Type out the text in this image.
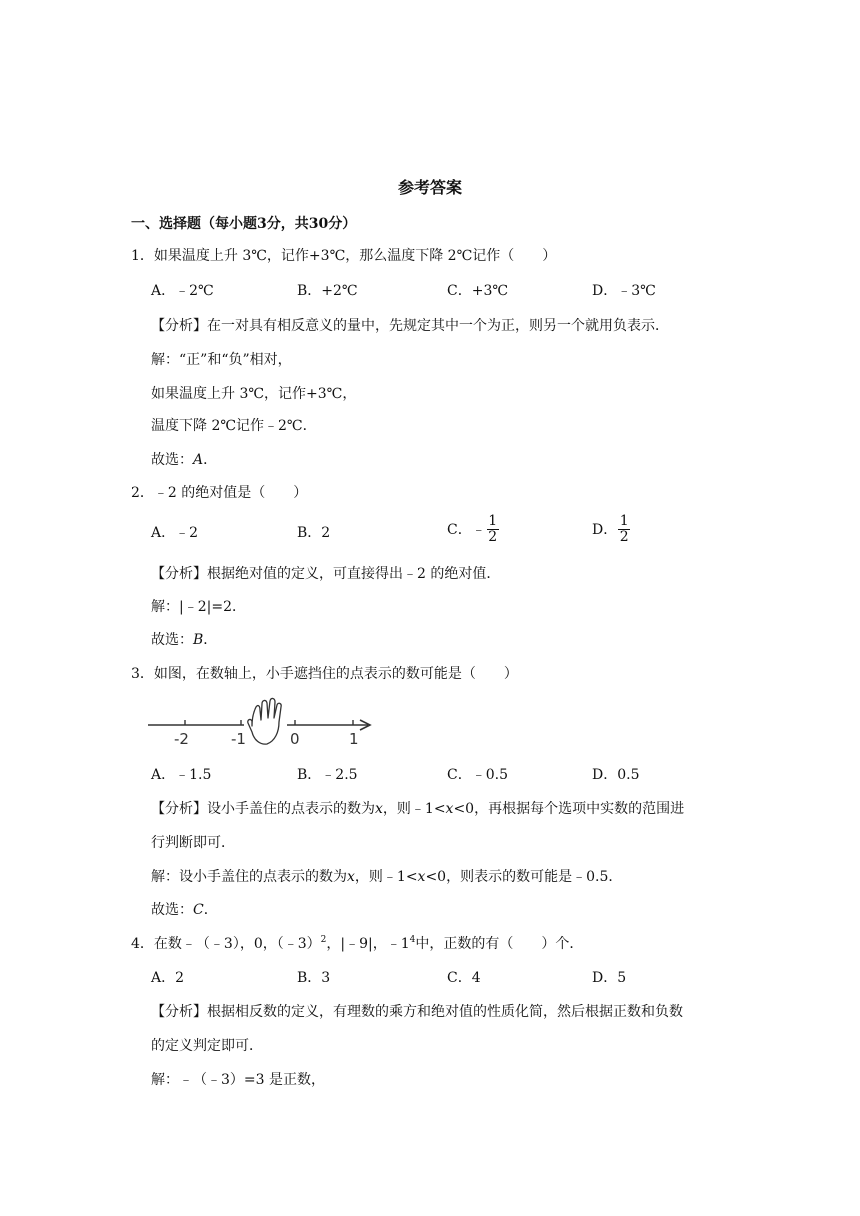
参考答案
一、选择题（每小题3分，共30分）
1．如果温度上升 3℃，记作+3℃，那么温度下降 2℃记作（　　）
A．﹣2℃	B．+2℃	C．+3℃	D．﹣3℃
【分析】在一对具有相反意义的量中，先规定其中一个为正，则另一个就用负表示．
解：“正”和“负”相对，
如果温度上升 3℃，记作+3℃，
温度下降 2℃记作﹣2℃．
故选：A．
2．﹣2 的绝对值是（　　）
A．﹣2	B．2	C．﹣ $\frac{1}{2}$	D． $\frac{1}{2}$
【分析】根据绝对值的定义，可直接得出﹣2 的绝对值．
解：|﹣2|=2．
故选：B．
3．如图，在数轴上，小手遮挡住的点表示的数可能是（　　）
-2	-1	0	1
A．﹣1.5	B．﹣2.5	C．﹣0.5	D．0.5
【分析】设小手盖住的点表示的数为x，则﹣1<x<0，再根据每个选项中实数的范围进
行判断即可．
解：设小手盖住的点表示的数为x，则﹣1<x<0，则表示的数可能是﹣0.5．
故选：C．
4．在数﹣（﹣3），0，（﹣3）$^2$，|﹣9|，$﹣1^4$中，正数的有（　　）个．
A．2	B．3	C．4	D．5
【分析】根据相反数的定义，有理数的乘方和绝对值的性质化简，然后根据正数和负数
的定义判定即可．
解：﹣（﹣3）=3 是正数，
